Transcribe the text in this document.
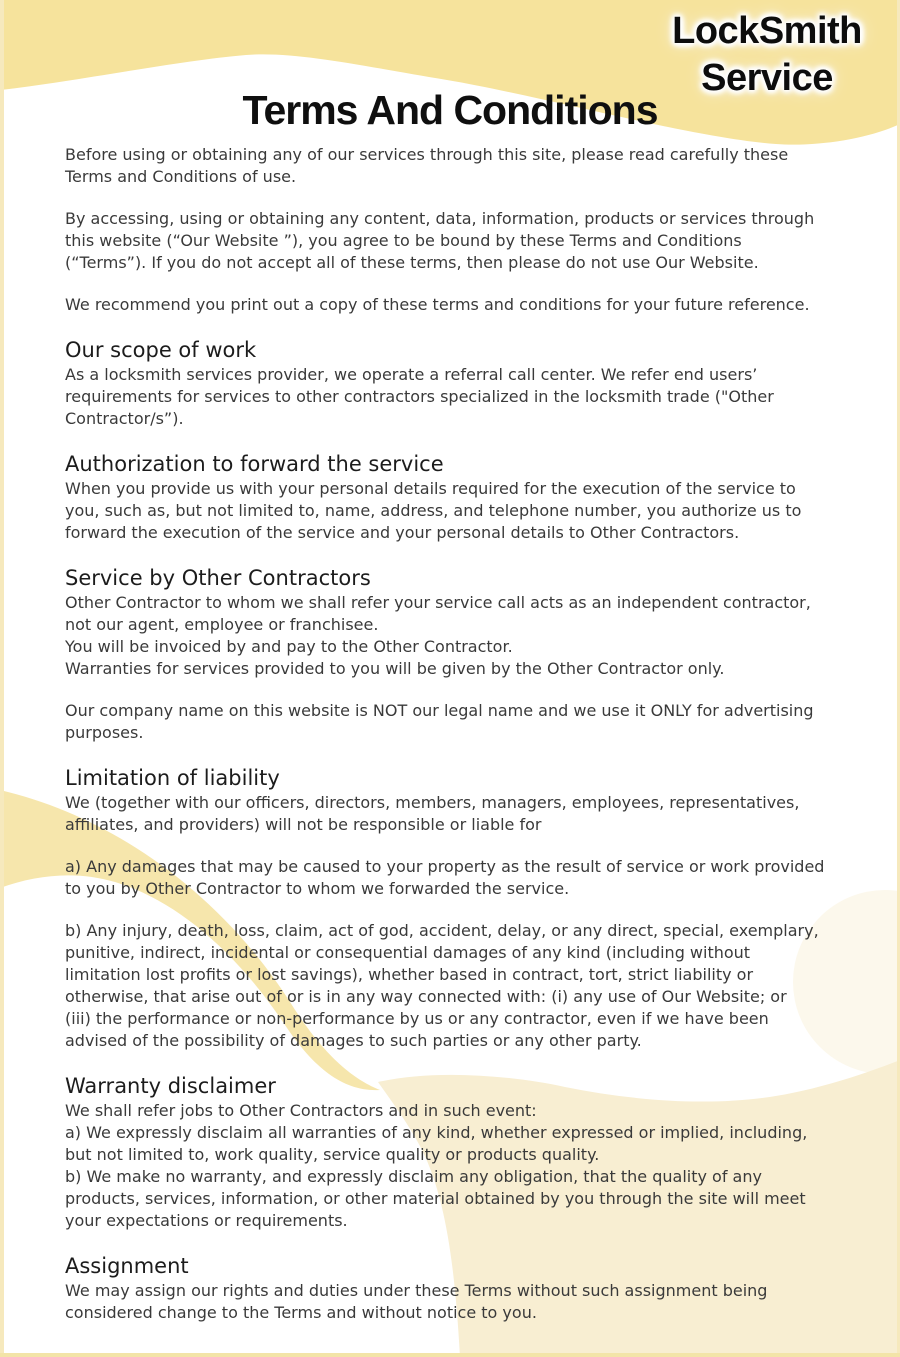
LockSmith
Service
Terms And Conditions
Before using or obtaining any of our services through this site, please read carefully these
Terms and Conditions of use.
By accessing, using or obtaining any content, data, information, products or services through
this website (“Our Website ”), you agree to be bound by these Terms and Conditions
(“Terms”). If you do not accept all of these terms, then please do not use Our Website.
We recommend you print out a copy of these terms and conditions for your future reference.
Our scope of work
As a locksmith services provider, we operate a referral call center. We refer end users’
requirements for services to other contractors specialized in the locksmith trade ("Other
Contractor/s”).
Authorization to forward the service
When you provide us with your personal details required for the execution of the service to
you, such as, but not limited to, name, address, and telephone number, you authorize us to
forward the execution of the service and your personal details to Other Contractors.
Service by Other Contractors
Other Contractor to whom we shall refer your service call acts as an independent contractor,
not our agent, employee or franchisee.
You will be invoiced by and pay to the Other Contractor.
Warranties for services provided to you will be given by the Other Contractor only.
Our company name on this website is NOT our legal name and we use it ONLY for advertising
purposes.
Limitation of liability
We (together with our officers, directors, members, managers, employees, representatives,
affiliates, and providers) will not be responsible or liable for
a) Any damages that may be caused to your property as the result of service or work provided
to you by Other Contractor to whom we forwarded the service.
b) Any injury, death, loss, claim, act of god, accident, delay, or any direct, special, exemplary,
punitive, indirect, incidental or consequential damages of any kind (including without
limitation lost profits or lost savings), whether based in contract, tort, strict liability or
otherwise, that arise out of or is in any way connected with: (i) any use of Our Website; or
(iii) the performance or non-performance by us or any contractor, even if we have been
advised of the possibility of damages to such parties or any other party.
Warranty disclaimer
We shall refer jobs to Other Contractors and in such event:
a) We expressly disclaim all warranties of any kind, whether expressed or implied, including,
but not limited to, work quality, service quality or products quality.
b) We make no warranty, and expressly disclaim any obligation, that the quality of any
products, services, information, or other material obtained by you through the site will meet
your expectations or requirements.
Assignment
We may assign our rights and duties under these Terms without such assignment being
considered change to the Terms and without notice to you.
